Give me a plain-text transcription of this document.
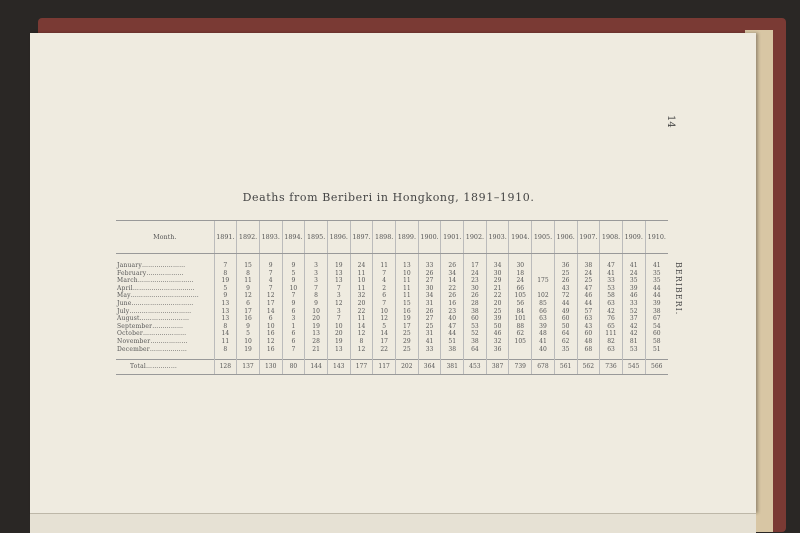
14
BERIBERI.
Deaths from Beriberi in Hongkong, 1891–1910.
Month.	1891.	1892.	1893.	1894.	1895.	1896.	1897.	1898.	1899.	1900.	1901.	1902.	1903.	1904.	1905.	1906.	1907.	1908.	1909.	1910.
January…………………	7	15	9	9	3	19	24	11	13	33	26	17	34	30		36	38	47	41	41
February………………	8	8	7	5	3	13	11	7	10	26	34	24	30	18		25	24	41	24	35
March………………………	19	11	4	9	3	13	10	4	11	27	14	23	29	24	175	26	25	33	35	35
April…………………………	5	9	7	10	7	7	11	2	11	30	22	30	21	66		43	47	53	39	44
May……………………………	9	12	12	7	8	3	32	6	11	34	26	26	22	105	102	72	46	58	46	44
June…………………………	13	6	17	9	9	12	20	7	15	31	16	28	20	56	85	44	44	63	33	39
July…………………………	13	17	14	6	10	3	22	10	16	26	23	38	25	84	66	49	57	42	52	38
August……………………	13	16	6	3	20	7	11	12	19	27	40	60	39	101	63	60	63	76	37	67
September……………	8	9	10	1	19	10	14	5	17	25	47	53	50	88	39	50	43	65	42	54
October…………………	14	5	16	6	13	20	12	14	25	31	44	52	46	62	48	64	60	111	42	60
November………………	11	10	12	6	28	19	8	17	29	41	51	38	32	105	41	62	48	82	81	58
December………………	8	19	16	7	21	13	12	22	25	33	38	64	36		40	35	68	63	53	51

Total……………	128	137	130	80	144	143	177	117	202	364	381	453	387	739	678	561	562	736	545	566
